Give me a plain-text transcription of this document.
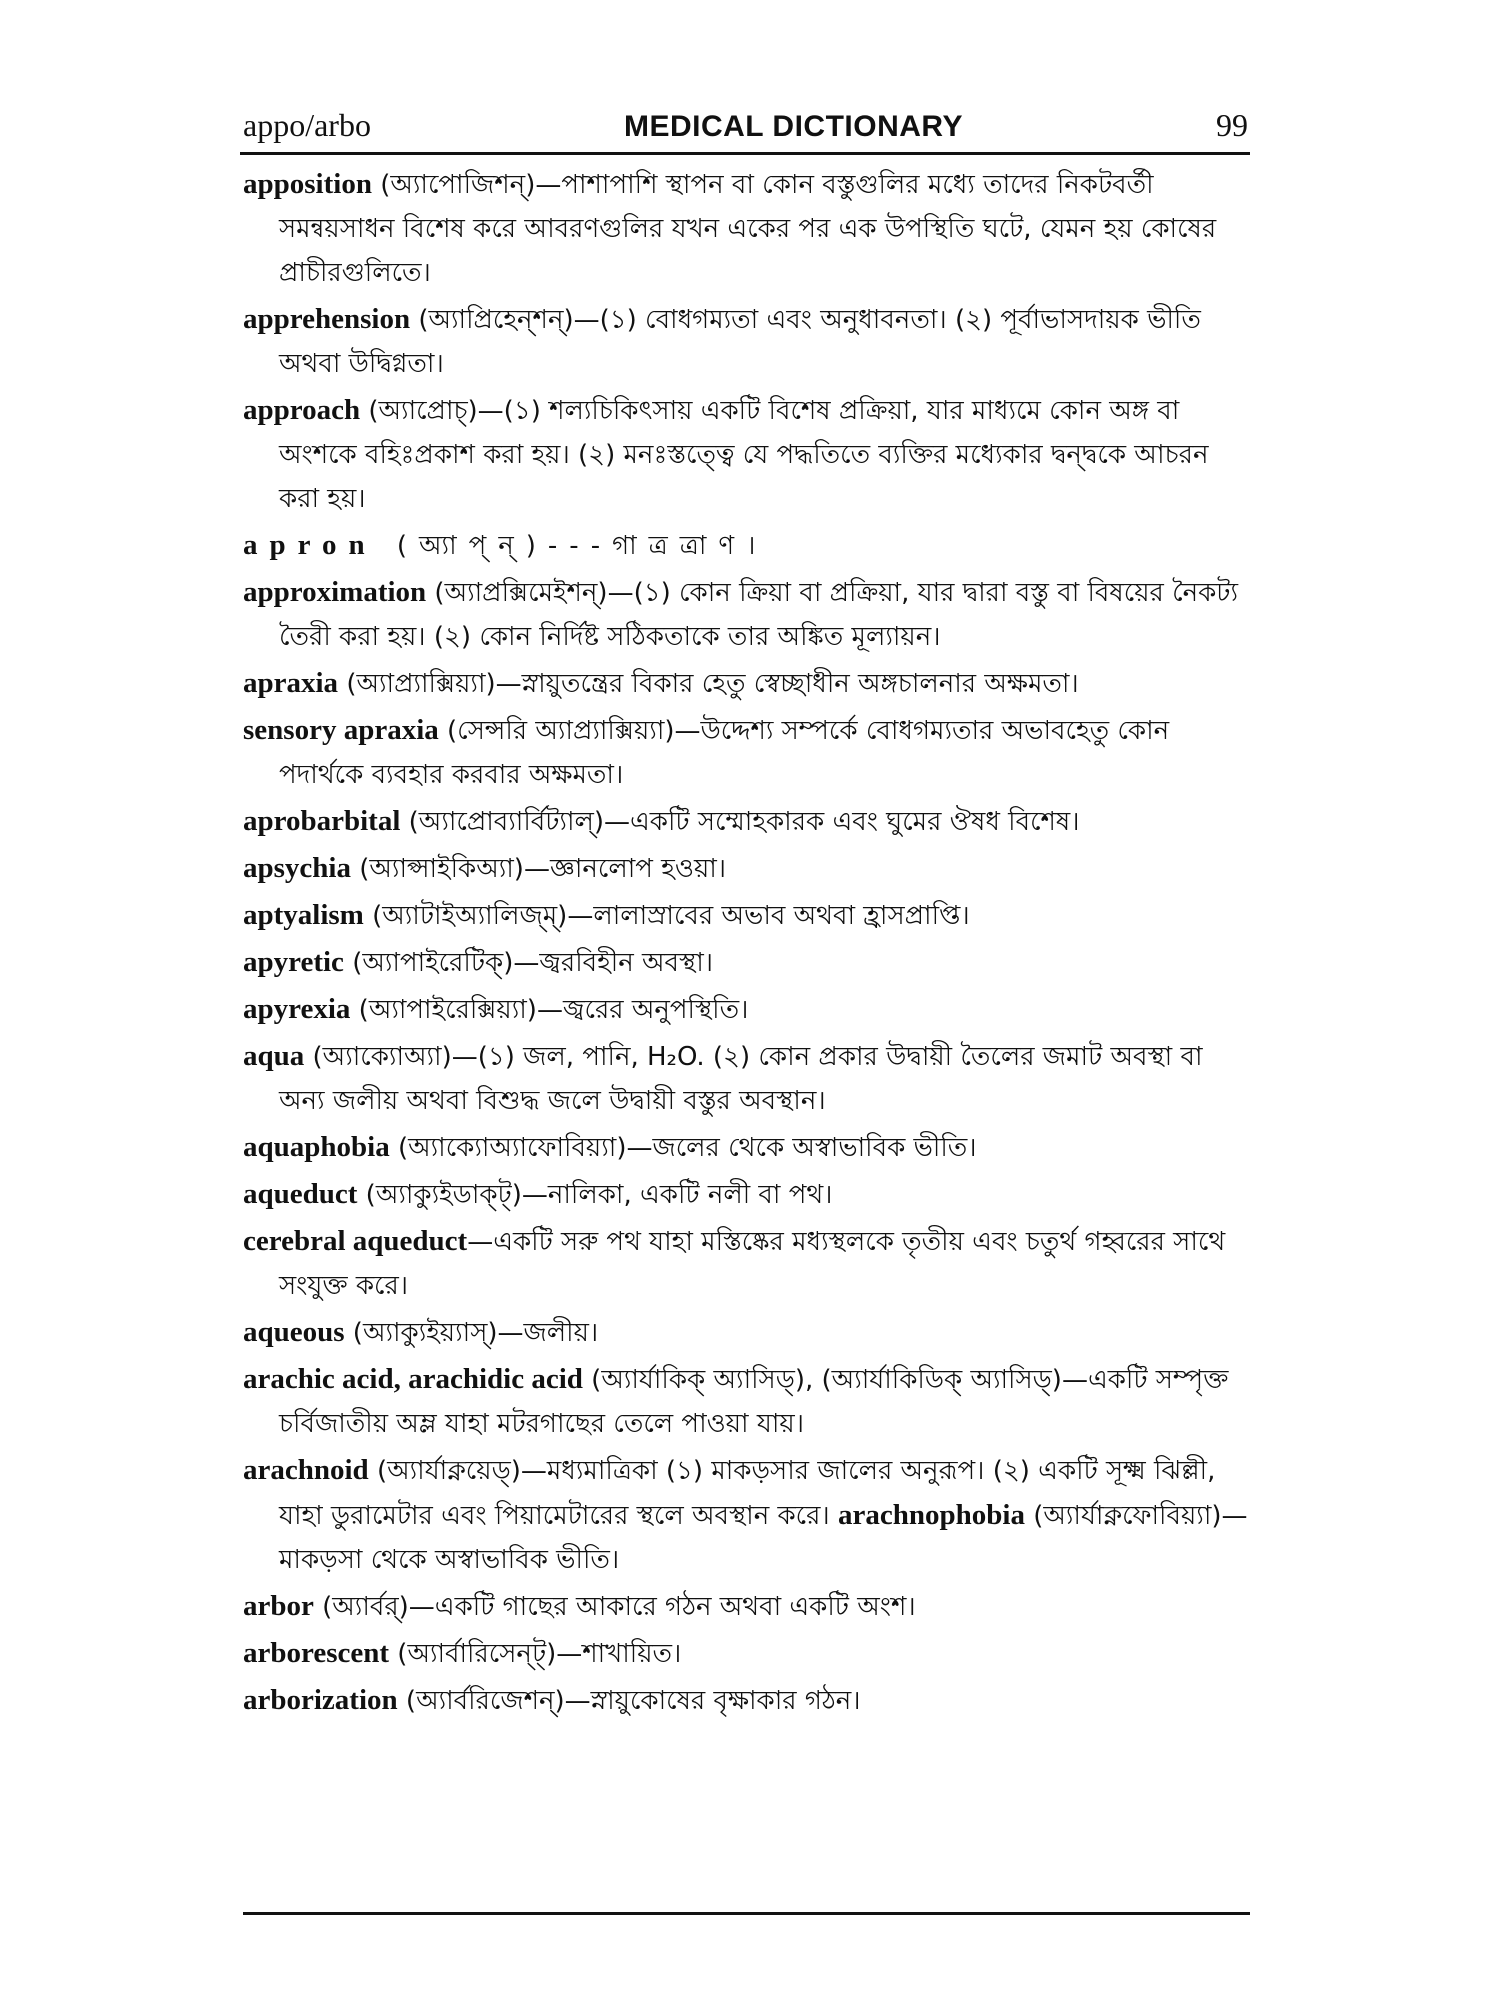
appo/arbo	MEDICAL DICTIONARY	99
apposition (অ্যাপোজিশন্)—পাশাপাশি স্থাপন বা কোন বস্তুগুলির মধ্যে তাদের নিকটবর্তী সমন্বয়সাধন বিশেষ করে আবরণগুলির যখন একের পর এক উপস্থিতি ঘটে, যেমন হয় কোষের প্রাচীরগুলিতে।
apprehension (অ্যাপ্রিহেন্শন্)—(১) বোধগম্যতা এবং অনুধাবনতা। (২) পূর্বাভাসদায়ক ভীতি অথবা উদ্বিগ্নতা।
approach (অ্যাপ্রোচ্)—(১) শল্যচিকিৎসায় একটি বিশেষ প্রক্রিয়া, যার মাধ্যমে কোন অঙ্গ বা অংশকে বহিঃপ্রকাশ করা হয়। (২) মনঃস্তত্ত্বে যে পদ্ধতিতে ব্যক্তির মধ্যেকার দ্বন্দ্বকে আচরন করা হয়।
apron (অ্যাপ্‌ন্)---গাত্রত্রাণ।
approximation (অ্যাপ্রক্সিমেইশন্)—(১) কোন ক্রিয়া বা প্রক্রিয়া, যার দ্বারা বস্তু বা বিষয়ের নৈকট্য তৈরী করা হয়। (২) কোন নির্দিষ্ট সঠিকতাকে তার অঙ্কিত মূল্যায়ন।
apraxia (অ্যাপ্র্যাক্সিয়্যা)—স্নায়ুতন্ত্রের বিকার হেতু স্বেচ্ছাধীন অঙ্গচালনার অক্ষমতা।
sensory apraxia (সেন্সরি অ্যাপ্র্যাক্সিয়্যা)—উদ্দেশ্য সম্পর্কে বোধগম্যতার অভাবহেতু কোন পদার্থকে ব্যবহার করবার অক্ষমতা।
aprobarbital (অ্যাপ্রোব্যার্বিট্যাল্)—একটি সম্মোহকারক এবং ঘুমের ঔষধ বিশেষ।
apsychia (অ্যাপ্সাইকিঅ্যা)—জ্ঞানলোপ হওয়া।
aptyalism (অ্যাটাইঅ্যালিজ্ম্)—লালাস্রাবের অভাব অথবা হ্রাসপ্রাপ্তি।
apyretic (অ্যাপাইরেটিক্)—জ্বরবিহীন অবস্থা।
apyrexia (অ্যাপাইরেক্সিয়্যা)—জ্বরের অনুপস্থিতি।
aqua (অ্যাক্যোঅ্যা)—(১) জল, পানি, H₂O. (২) কোন প্রকার উদ্বায়ী তৈলের জমাট অবস্থা বা অন্য জলীয় অথবা বিশুদ্ধ জলে উদ্বায়ী বস্তুর অবস্থান।
aquaphobia (অ্যাক্যোঅ্যাফোবিয়্যা)—জলের থেকে অস্বাভাবিক ভীতি।
aqueduct (অ্যাক্যুইডাক্ট্)—নালিকা, একটি নলী বা পথ।
cerebral aqueduct—একটি সরু পথ যাহা মস্তিষ্কের মধ্যস্থলকে তৃতীয় এবং চতুর্থ গহ্বরের সাথে সংযুক্ত করে।
aqueous (অ্যাক্যুইয়্যাস্)—জলীয়।
arachic acid, arachidic acid (অ্যার্যাকিক্ অ্যাসিড্), (অ্যার্যাকিডিক্ অ্যাসিড্)—একটি সম্পৃক্ত চর্বিজাতীয় অম্ল যাহা মটরগাছের তেলে পাওয়া যায়।
arachnoid (অ্যার্যাক্নয়েড্)—মধ্যমাত্রিকা (১) মাকড়সার জালের অনুরূপ। (২) একটি সূক্ষ্ম ঝিল্লী, যাহা ডুরামেটার এবং পিয়ামেটারের স্থলে অবস্থান করে। arachnophobia (অ্যার্যাক্নফোবিয়্যা)—মাকড়সা থেকে অস্বাভাবিক ভীতি।
arbor (অ্যার্বর্)—একটি গাছের আকারে গঠন অথবা একটি অংশ।
arborescent (অ্যার্বারিসেন্ট্)—শাখায়িত।
arborization (অ্যার্বরিজেশন্)—স্নায়ুকোষের বৃক্ষাকার গঠন।
